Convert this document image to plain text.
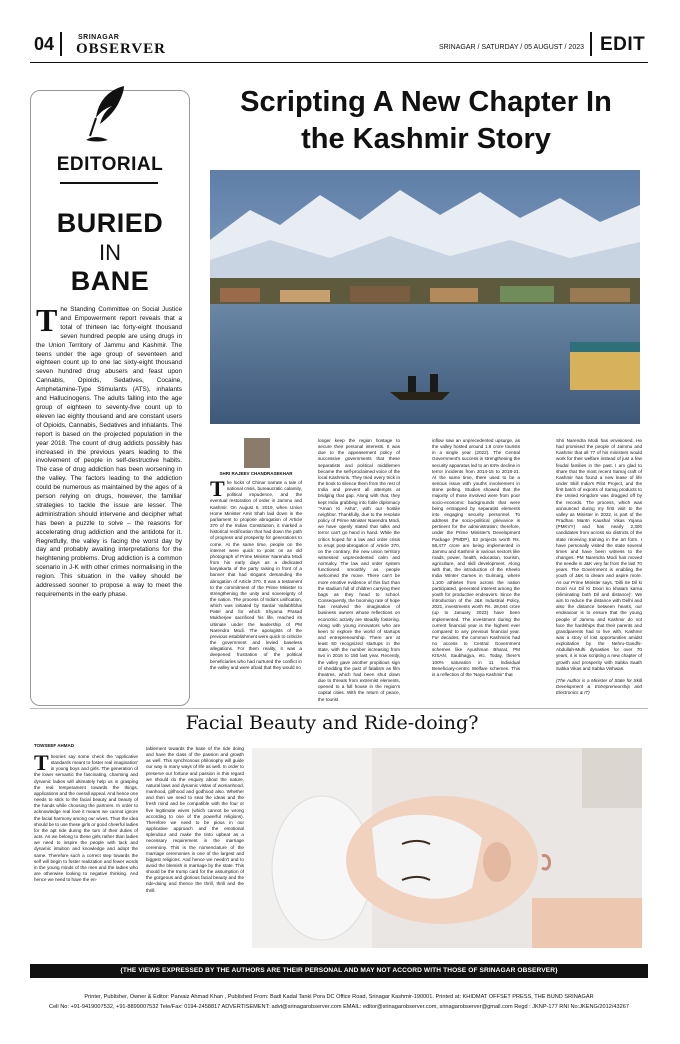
04	SRINAGAR
OBSERVER	SRINAGAR / SATURDAY / 05 AUGUST / 2023 EDIT
EDITORIAL
BURIED
IN
BANE
The Standing Committee on Social Justice and Empowerment report reveals that a total of thirteen lac forty-eight thousand seven hundred people are using drugs in the Union Territory of Jammu and Kashmir. The teens under the age group of seventeen and eighteen count up to one lac sixty-eight thousand seven hundred drug abusers and feast upon Cannabis, Opioids, Sedatives, Cocaine, Amphetamine-Type Stimulants (ATS), inhalants and Hallucinogens. The adults falling into the age group of eighteen to seventy-five count up to eleven lac eighty thousand and are constant users of Opioids, Cannabis, Sedatives and inhalants. The report is based on the projected population in the year 2018. The count of drug addicts possibly has increased in the previous years leading to the involvement of people in self-destructive habits. The case of drug addiction has been worsening in the valley. The factors leading to the addiction could be numerous as maintained by the ages of a person relying on drugs, however, the familiar strategies to tackle the issue are lesser. The administration should intervene and decipher what has been a puzzle to solve – the reasons for accelerating drug addiction and the antidote for it. Regretfully, the valley is facing the worst day by day and probably awaiting interpretations for the heightening problems. Drug addiction is a common scenario in J-K with other crimes normalising in the region. This situation in the valley should be addressed sooner to propose a way to meet the requirements in the early phase.
Scripting A New Chapter In
the Kashmir Story
SHRI RAJEEV CHANDRASEKHAR
The locks of Chinar narrate a tale of national crisis, bureaucratic calamity, political impudence, and the eventual restoration of order in Jammu and Kashmir. On August 5, 2019, when Union Home Minister Amit Shah laid down in the parliament to propose abrogation of Article 370 of the Indian Constitution, it marked a historical rectification that had down the path of progress and prosperity for generations to come. At the same time, people on the internet were quick to point on an old photograph of Prime Minister Narendra Modi from his early days as a dedicated karyakarta of the party raising in front of a banner that had slogans demanding the abrogation of Article 370. It was a testament to the commitment of the Prime Minister to strengthening the unity and sovereignty of the nation. The process of India's unification, which was initiated by Sardar Vallabhbhai Patel and for which Shyama Prasad Mukherjee sacrificed his life, reached its ultimate under the leadership of PM Narendra Modi. The apologists of the previous establishment were quick to criticize the government and levied baseless allegations. For them reality, it was a deepened frustration of the political beneficiaries who had nurtured the conflict in the valley and were afraid that they would no
longer keep the region hostage to secure their personal interests. It was due to the appeasement policy of successive governments that these separatists and political middlemen became the self-proclaimed voice of the local Kashmiris. They tried every trick in the book to silence them from the rest of India and prevent all attempts at bridging that gap. Along with that, they kept India grabbing into futile diplomacy "Aman Ki Asha", with our hostile neighbor. Thankfully, due to the resolute policy of Prime Minister Narendra Modi, we have openly stated that talks and terror can't go hand in hand. While the critics hoped for a law and order crisis to erupt post-abrogation of Article 370, on the contrary, the new union territory witnessed unprecedented calm and normalcy. The law and order system functioned smoothly as people welcomed the move. There can't be more emotive evidence of this fact than the stadium full of children carrying their bags as they head to school. Consequently, the booming rate of hope has resolved the imagination of business owners whose reflections on economic activity are steadily fostering. Along with young innovators who are keen to explore the world of startups and entrepreneurship. There are at least 50 recognized startups in the state, with the number increasing from two in 2016 to 150 last year. Recently, the valley gave another propitious sign of shedding the past of fatalism as film theatres, which had been shut down due to threats from extremist elements, opened to a full house in the region's capital cities. With the return of peace, the tourist
inflow saw an unprecedented upsurge, as the valley hosted around 1.8 crore tourists in a single year (2022). The Central Government's success in strengthening the security apparatus led to an 84% decline in terror incidents from 2014-15 to 2018-21. At the same time, there used to be a serious issue with youths involvement in stone pelting. Studies showed that the majority of those involved were from poor socio-economic backgrounds that were being entrapped by separatist elements into engaging security personnel. To address the socio-political grievance is pertinent for the administration; therefore, under the Prime Minister's Development Package (PMDP), 53 projects worth Rs. 58,477 crore are being implemented in Jammu and Kashmir in various sectors like roads, power, health, education, tourism, agriculture, and skill development. Along with that, the introduction of the Kheelo India Winter Games in Gulmarg, where 1,100 athletes from across the nation participated, generated interest among the youth for productive endeavors. Since the introduction of the J&K Industrial Policy, 2021, investments worth Rs. 28,044 crore (up to January 2023) have been implemented. The investment during the current financial year is the highest ever compared to any previous financial year. For decades, the common Kashmiris had no access to Central Government schemes like Ayushman Bharat, PM KISAN, Saubhagya, etc. Today, there's 100% saturation in 11 Individual Beneficiary-centric Welfare schemes. This is a reflection of the 'Naya Kashmir' that
Shri Narendra Modi has envisioned. He had promised the people of Jammu and Kashmir that all 77 of his ministers would work for their welfare instead of just a few feudal families in the past. I am glad to share that the most recent Samaj craft of Kashmir has found a new lease of life under Skill India's Pilot Project, and the first batch of exports of Samaj products to the United Kingdom was dragged off by the records. The process, which was announced during my first visit to the valley as Minister in 2022, is part of the Pradhan Mantri Kaushal Vikas Yojana (PMKVY) and has nearly 2,300 candidates from across six districts of the state receiving training in the art form. I have personally visited the state several times and have been witness to the changes. PM Narendra Modi has moved the needle in J&K very far from the last 70 years. The Government is enabling the youth of J&K to dream and aspire more. As our Prime Minister says, 'Dilli Se Dil ki Doori Aur Dil Ki Doori ko khatam karna (eliminating both Dil and distance)'. We aim to reduce the distance with Delhi and also the distance between hearts, our endeavour is to ensure that the young people of Jammu and Kashmir do not face the hardships that their parents and grandparents had to live with. Kashmir was a story of lost opportunities amidst exploitation by the Nehru-Gandhi-Abdullah-Mufti dynasties for over 70 years, it is now scripting a new chapter of growth and prosperity with Sabka Saath Sabka Vikas and Sabka Vishwas.

(The Author is a Minister of State for Skill Development & Entrepreneurship and Electronics & IT)
Facial Beauty and Ride-doing?
TOWSEEF AHMAD
Theories say some check the 'applicative standards meant to foster real imagination' in young boys and girls. The generation of the lower semantic the fascinating, charming and dynamic ladies will ultimately help us in grasping the real temperament towards the things, applications and the overall appeal. And hence one needs to stick to the facial beauty and beauty of the hands while choosing the partners. In order to acknowledge real love it means we cannot ignore the facial harmony among our wives. Thus the idea should be to use these girls or good cheerful ladies for the apt ride during the turn of their duties of acts. As we belong to these girls rather than ladies we need to inspire the people with tack and dynamic intuition and knowledge and adopt the same. Therefore such a correct step towards the self will begin to foster realization and fewer words in the young minds of the men and the ladies who are otherwise looking to negative thinking. And hence we need to have the en-
tablement towards the base of the ride doing and have the class of the passion and growth as well. This synchronous philosophy will guide our way in many ways of life as well. In order to preserve our fortune and passion in this regard we should do the enquiry about the nature, natural laws and dynamic vistas of womanhood, manhood, girlhood and godhood also. Whether and then we need to seat the ideas and the fresh mind and be compatible with the four or five legitimate wives (which cannot be wrong according to one of the powerful religions). Therefore we need to be pious in our applicative approach and the emotional splendour and make the tinto upbeat as a necessary requirement in the marriage ceremony. This is the nomenclature of the marriage ceremonies in one of the largest and biggest religions. And hence we needn't and to avoid the blemish in marriage by the state. This should be the trump card for the assumption of the gorgeous and glorious facial beauty and the ride-doing and thence the thrill, thrill and the thrill.
{THE VIEWS EXPRESSED BY THE AUTHORS ARE THEIR PERSONAL AND MAY NOT ACCORD WITH THOSE OF SRINAGAR OBSERVER}
Printer, Publisher, Owner & Editor: Parvaiz Ahmad Khan , Published From: Badi Kadal Tanki Pora DC Office Road, Srinagar Kashmir-190001. Printed at: KHIDMAT OFFSET PRESS, THE BUND SRINAGAR
Cell No: +91-9419007532, +91-8899007532 Tele/Fax: 0194-2458817 ADVERTISEMENT: advt@srinagarobserver.com EMAIL: editor@srinagarobserver.com, srinagarobserver@gmail.com Regd : JKNP-177 RNI No:JKENG/2012/43267
